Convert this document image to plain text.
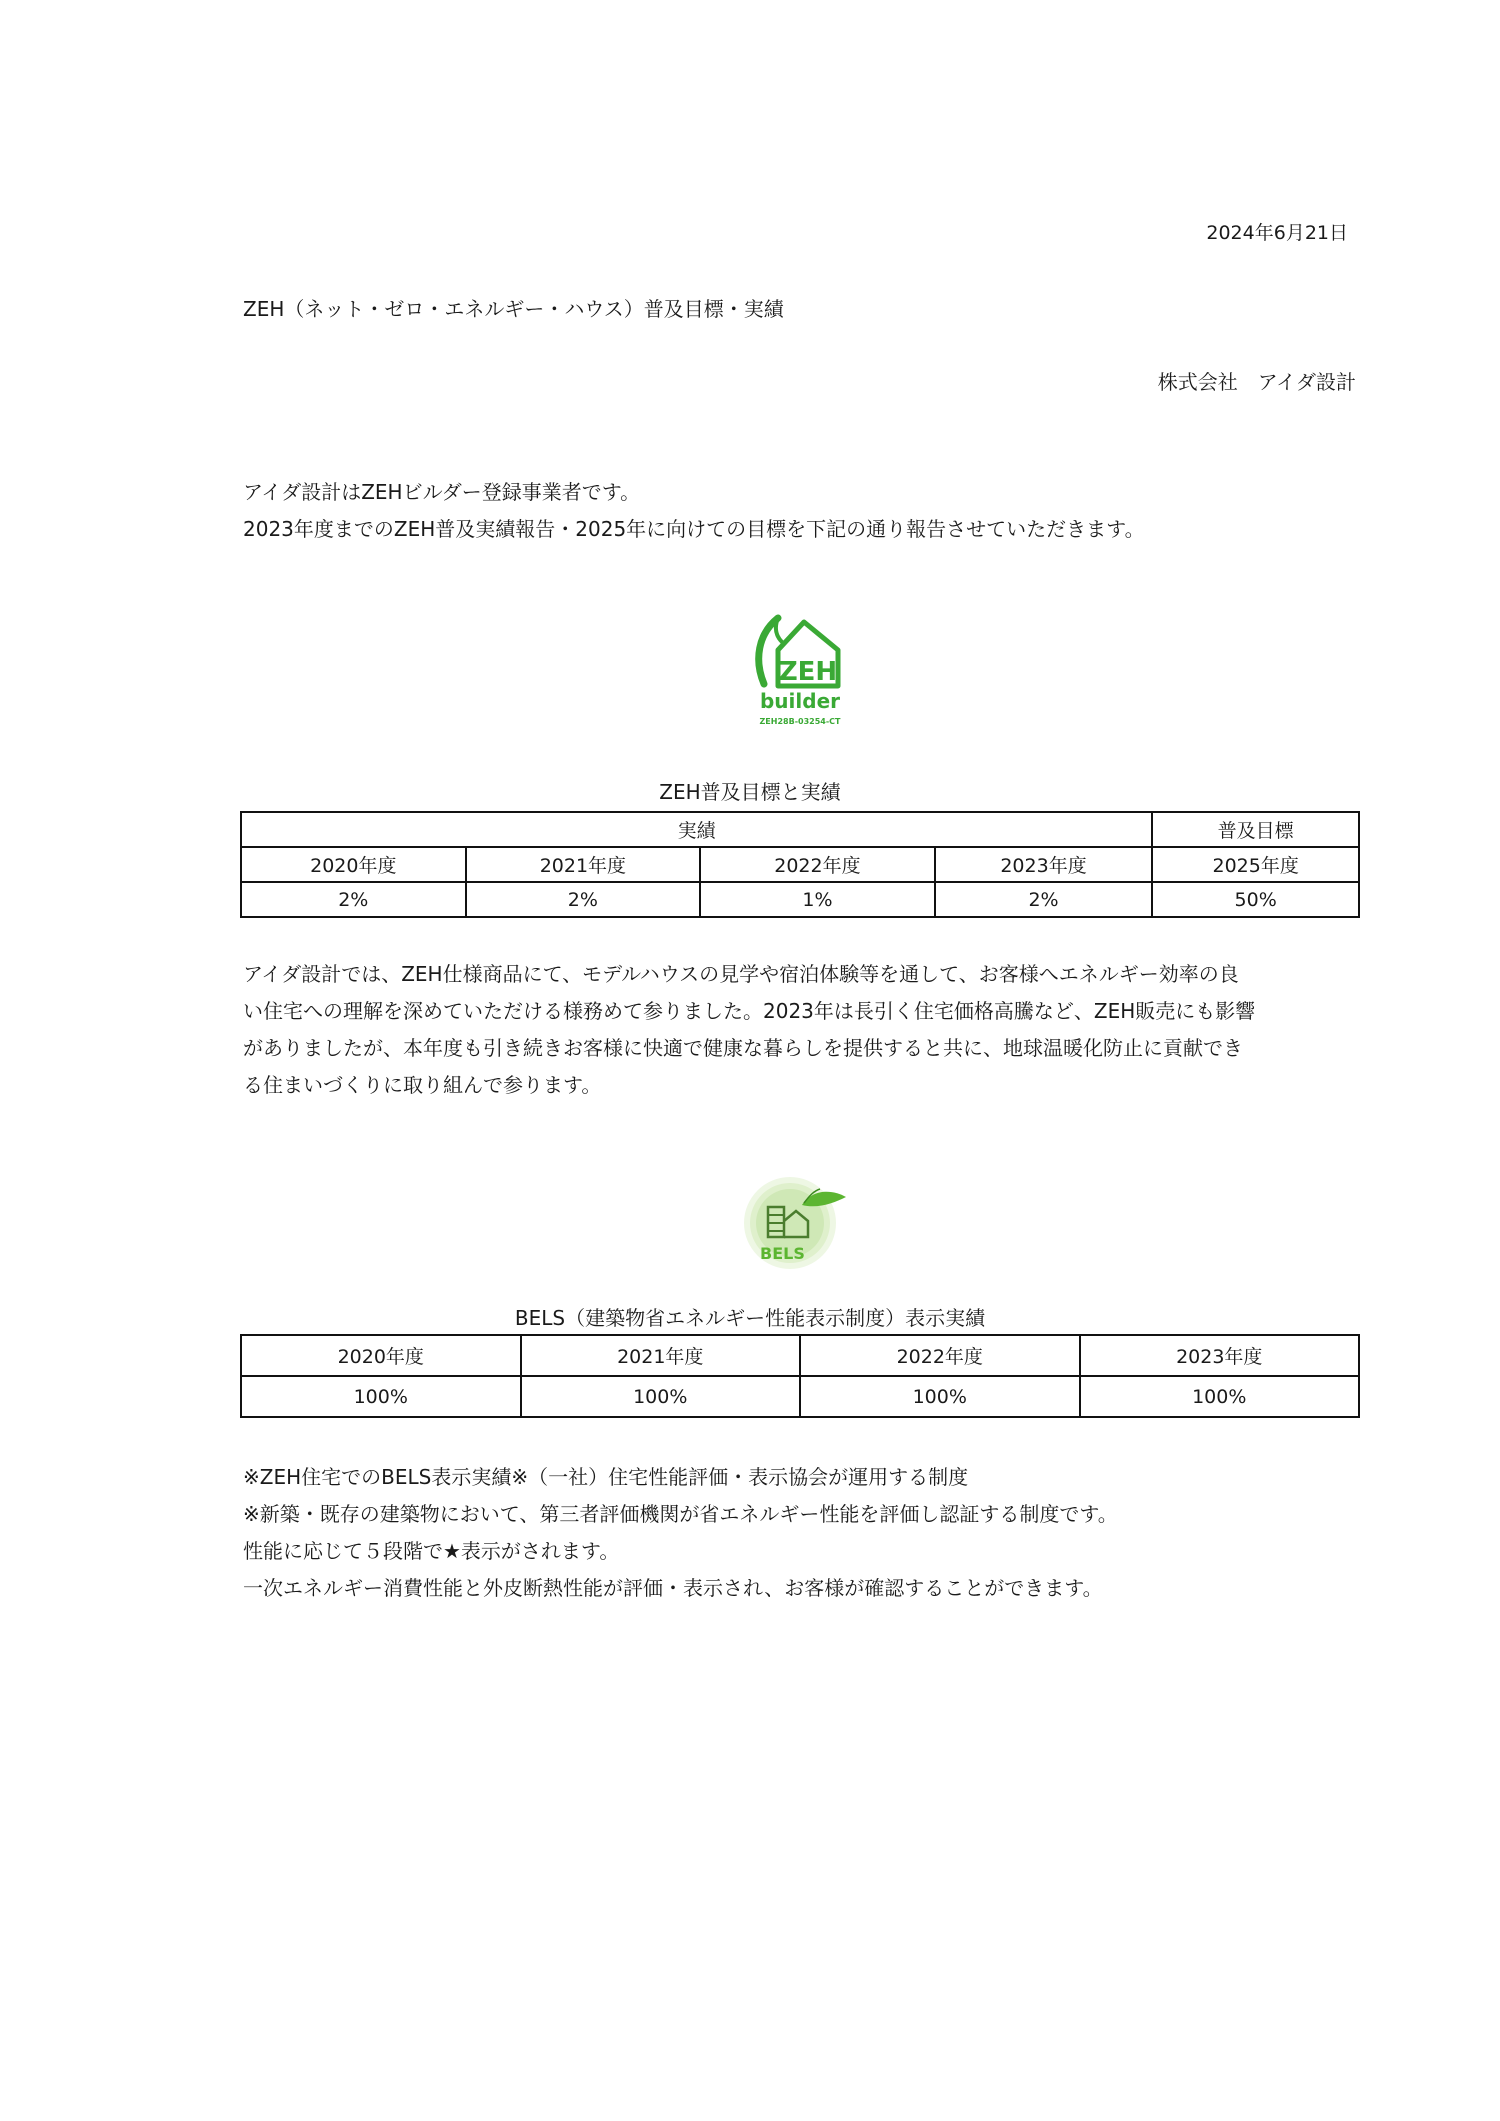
2024年6月21日
ZEH（ネット・ゼロ・エネルギー・ハウス）普及目標・実績
株式会社　アイダ設計
アイダ設計はZEHビルダー登録事業者です。
2023年度までのZEH普及実績報告・2025年に向けての目標を下記の通り報告させていただきます。
ZEH
builder
ZEH28B-03254-CT
ZEH普及目標と実績
実績				普及目標
2020年度	2021年度	2022年度	2023年度	2025年度
2%	2%	1%	2%	50%

アイダ設計では、ZEH仕様商品にて、モデルハウスの見学や宿泊体験等を通して、お客様へエネルギー効率の良

い住宅への理解を深めていただける様務めて参りました。2023年は長引く住宅価格高騰など、ZEH販売にも影響

がありましたが、本年度も引き続きお客様に快適で健康な暮らしを提供すると共に、地球温暖化防止に貢献でき

る住まいづくりに取り組んで参ります。

BELS
BELS（建築物省エネルギー性能表示制度）表示実績
2020年度	2021年度	2022年度	2023年度
100%	100%	100%	100%
※ZEH住宅でのBELS表示実績※（一社）住宅性能評価・表示協会が運用する制度
※新築・既存の建築物において、第三者評価機関が省エネルギー性能を評価し認証する制度です。
性能に応じて５段階で★表示がされます。
一次エネルギー消費性能と外皮断熱性能が評価・表示され、お客様が確認することができます。
